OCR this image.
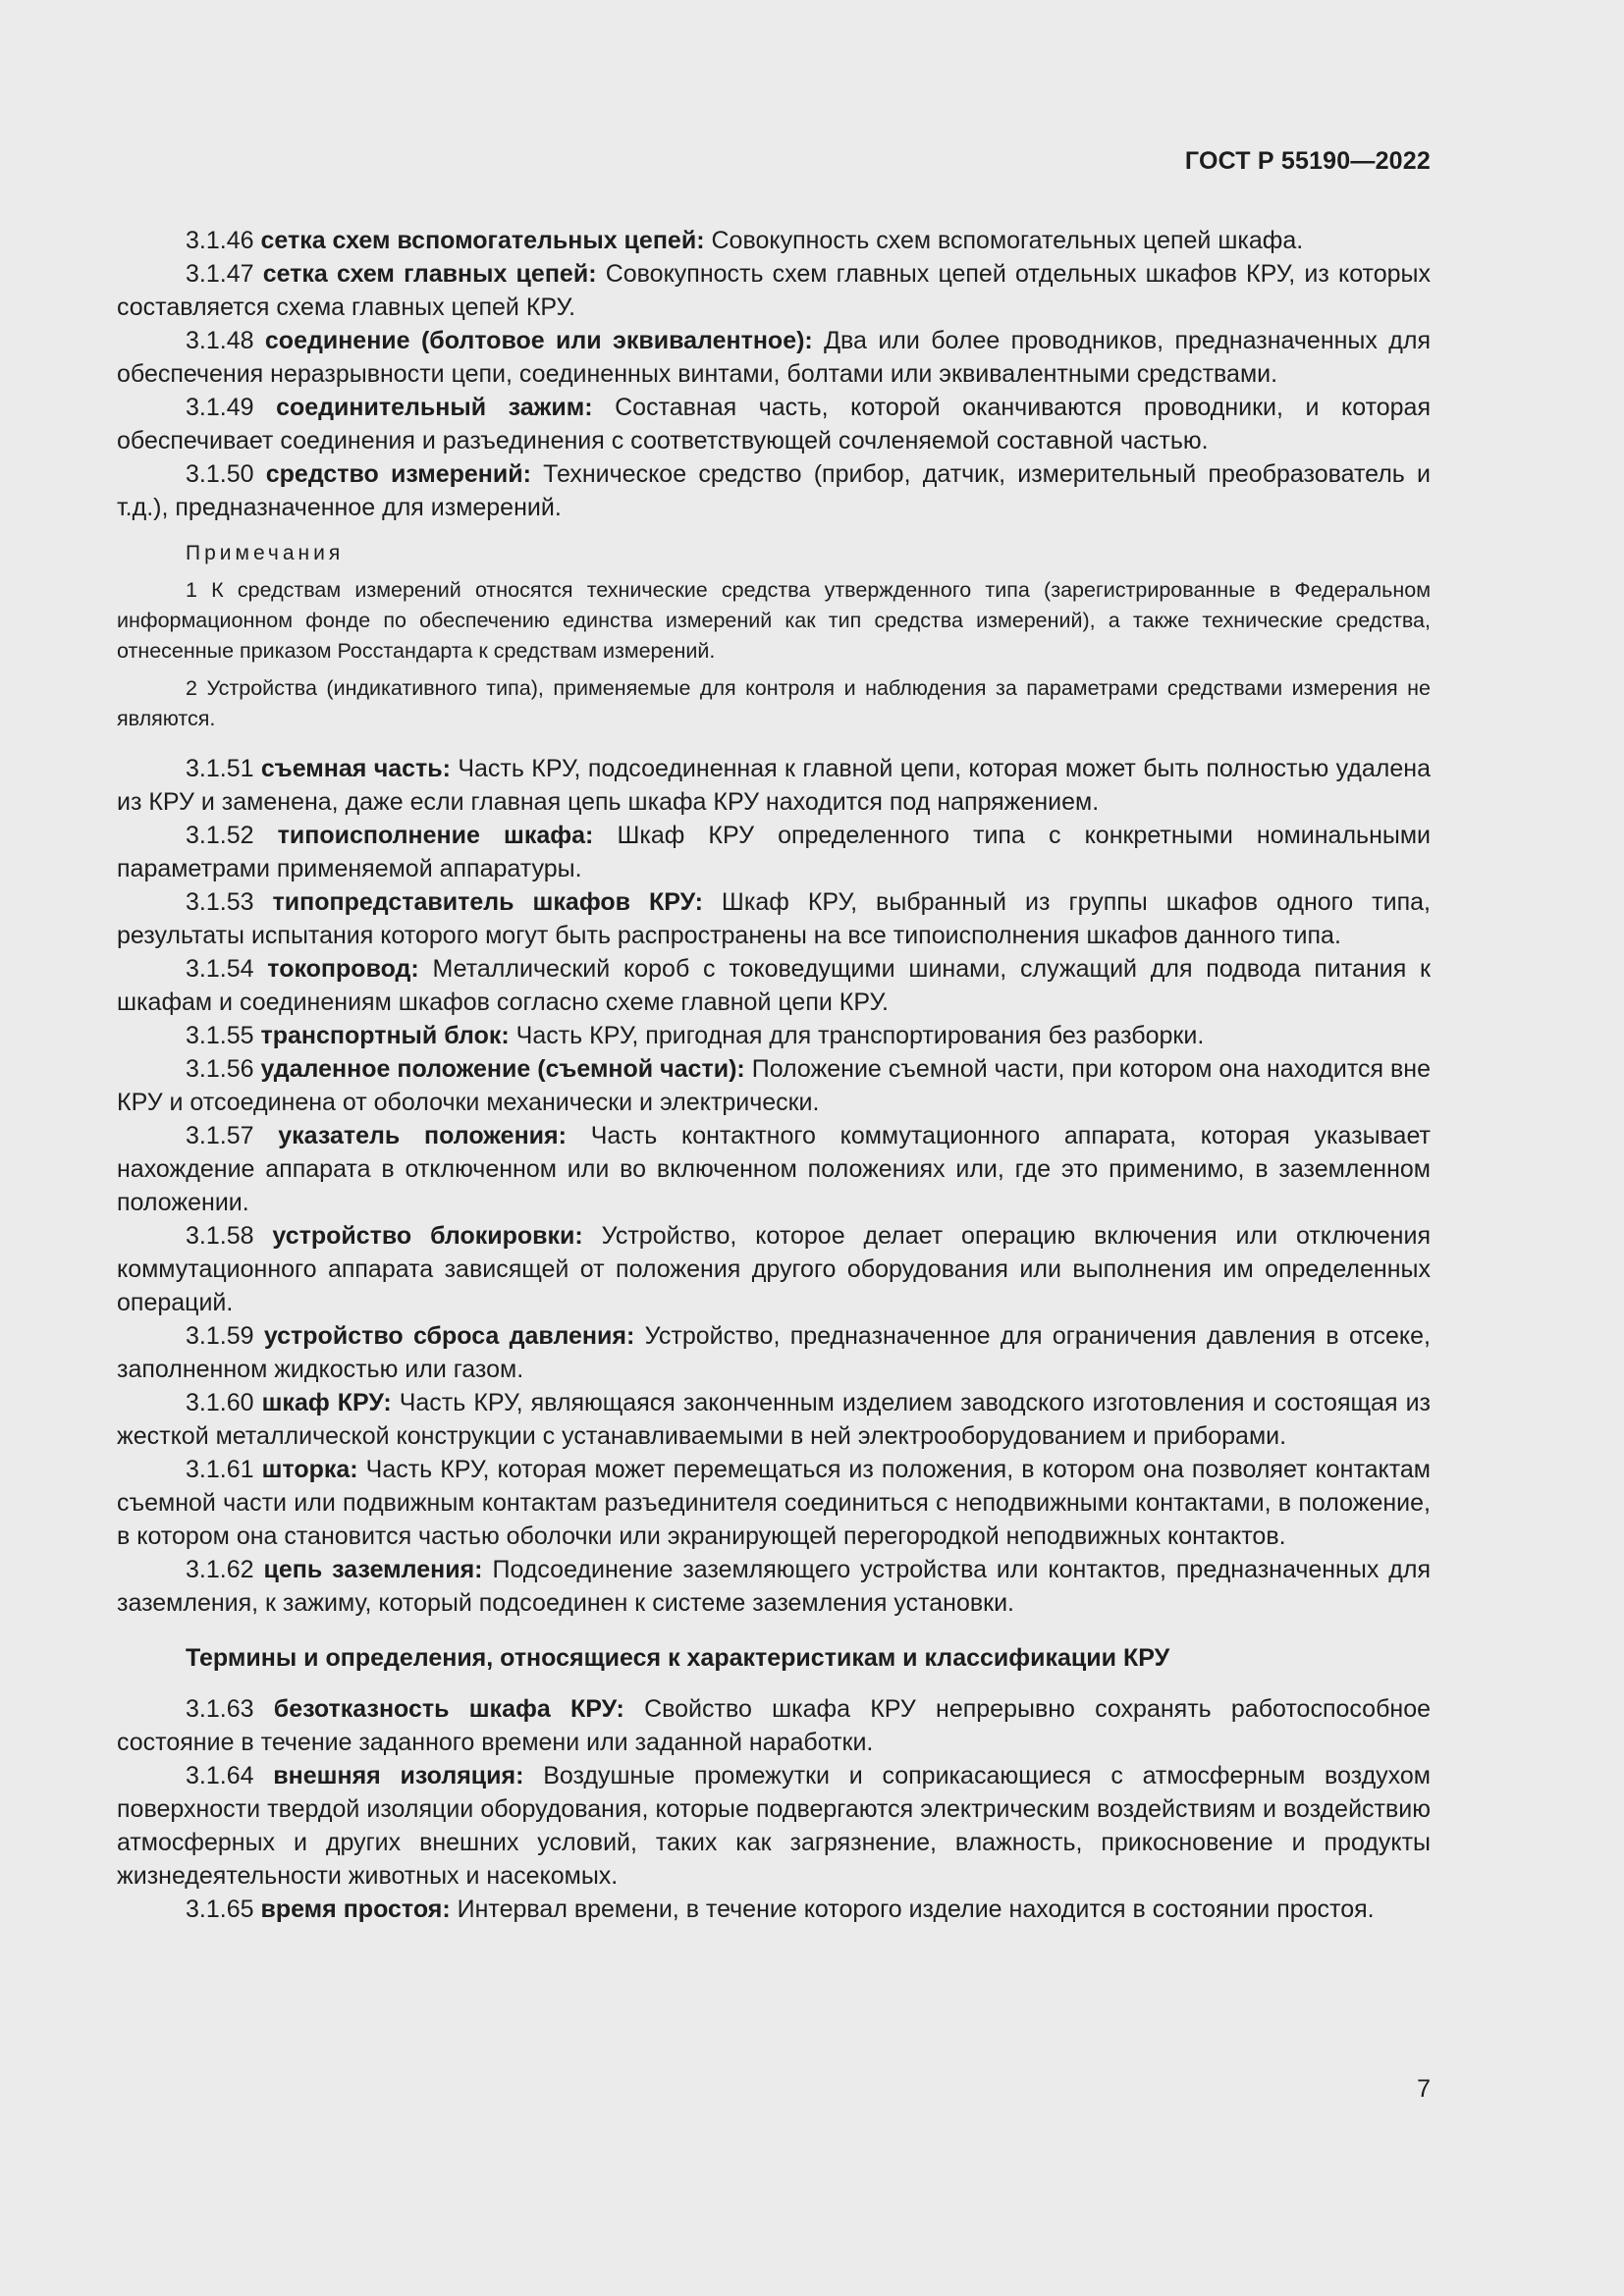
ГОСТ Р 55190—2022

3.1.46 сетка схем вспомогательных цепей: Совокупность схем вспомогательных цепей шкафа.

3.1.47 сетка схем главных цепей: Совокупность схем главных цепей отдельных шкафов КРУ, из которых составляется схема главных цепей КРУ.

3.1.48 соединение (болтовое или эквивалентное): Два или более проводников, предназначенных для обеспечения неразрывности цепи, соединенных винтами, болтами или эквивалентными средствами.

3.1.49 соединительный зажим: Составная часть, которой оканчиваются проводники, и которая обеспечивает соединения и разъединения с соответствующей сочленяемой составной частью.

3.1.50 средство измерений: Техническое средство (прибор, датчик, измерительный преобразователь и т.д.), предназначенное для измерений.

Примечания
1 К средствам измерений относятся технические средства утвержденного типа (зарегистрированные в Федеральном информационном фонде по обеспечению единства измерений как тип средства измерений), а также технические средства, отнесенные приказом Росстандарта к средствам измерений.
2 Устройства (индикативного типа), применяемые для контроля и наблюдения за параметрами средствами измерения не являются.

3.1.51 съемная часть: Часть КРУ, подсоединенная к главной цепи, которая может быть полностью удалена из КРУ и заменена, даже если главная цепь шкафа КРУ находится под напряжением.

3.1.52 типоисполнение шкафа: Шкаф КРУ определенного типа с конкретными номинальными параметрами применяемой аппаратуры.

3.1.53 типопредставитель шкафов КРУ: Шкаф КРУ, выбранный из группы шкафов одного типа, результаты испытания которого могут быть распространены на все типоисполнения шкафов данного типа.

3.1.54 токопровод: Металлический короб с токоведущими шинами, служащий для подвода питания к шкафам и соединениям шкафов согласно схеме главной цепи КРУ.

3.1.55 транспортный блок: Часть КРУ, пригодная для транспортирования без разборки.

3.1.56 удаленное положение (съемной части): Положение съемной части, при котором она находится вне КРУ и отсоединена от оболочки механически и электрически.

3.1.57 указатель положения: Часть контактного коммутационного аппарата, которая указывает нахождение аппарата в отключенном или во включенном положениях или, где это применимо, в заземленном положении.

3.1.58 устройство блокировки: Устройство, которое делает операцию включения или отключения коммутационного аппарата зависящей от положения другого оборудования или выполнения им определенных операций.

3.1.59 устройство сброса давления: Устройство, предназначенное для ограничения давления в отсеке, заполненном жидкостью или газом.

3.1.60 шкаф КРУ: Часть КРУ, являющаяся законченным изделием заводского изготовления и состоящая из жесткой металлической конструкции с устанавливаемыми в ней электрооборудованием и приборами.

3.1.61 шторка: Часть КРУ, которая может перемещаться из положения, в котором она позволяет контактам съемной части или подвижным контактам разъединителя соединиться с неподвижными контактами, в положение, в котором она становится частью оболочки или экранирующей перегородкой неподвижных контактов.

3.1.62 цепь заземления: Подсоединение заземляющего устройства или контактов, предназначенных для заземления, к зажиму, который подсоединен к системе заземления установки.

Термины и определения, относящиеся к характеристикам и классификации КРУ

3.1.63 безотказность шкафа КРУ: Свойство шкафа КРУ непрерывно сохранять работоспособное состояние в течение заданного времени или заданной наработки.

3.1.64 внешняя изоляция: Воздушные промежутки и соприкасающиеся с атмосферным воздухом поверхности твердой изоляции оборудования, которые подвергаются электрическим воздействиям и воздействию атмосферных и других внешних условий, таких как загрязнение, влажность, прикосновение и продукты жизнедеятельности животных и насекомых.

3.1.65 время простоя: Интервал времени, в течение которого изделие находится в состоянии простоя.

7
